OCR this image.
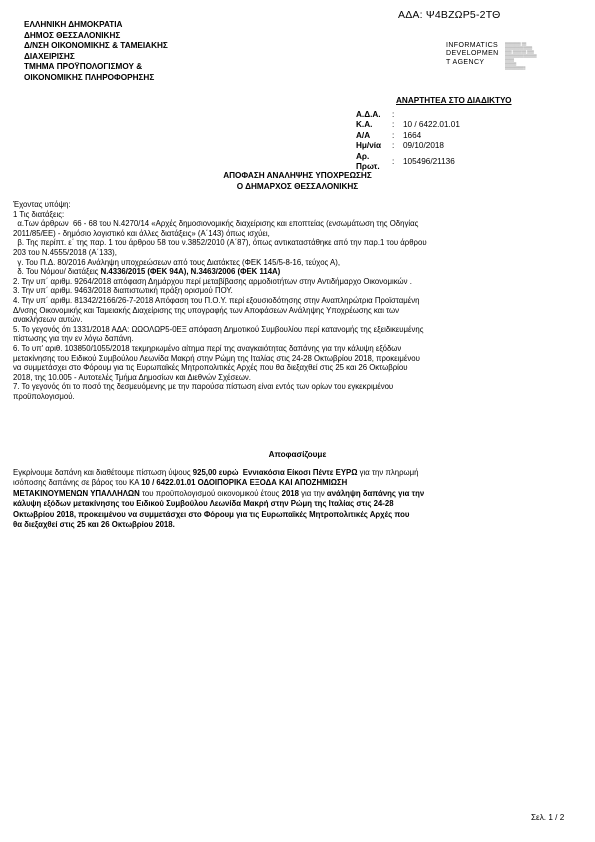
ΑΔΑ: Ψ4ΒΖΩΡ5-2ΤΘ
ΕΛΛΗΝΙΚΗ ΔΗΜΟΚΡΑΤΙΑ
ΔΗΜΟΣ ΘΕΣΣΑΛΟΝΙΚΗΣ
Δ/ΝΣΗ ΟΙΚΟΝΟΜΙΚΗΣ & ΤΑΜΕΙΑΚΗΣ
ΔΙΑΧΕΙΡΙΣΗΣ
ΤΜΗΜΑ ΠΡΟΫΠΟΛΟΓΙΣΜΟΥ &
ΟΙΚΟΝΟΜΙΚΗΣ ΠΛΗΡΟΦΟΡΗΣΗΣ
INFORMATICS
DEVELOPMEN
T AGENCY
▒▒▒▒▒▒▒ ▒▒
▒▒▒▒▒▒▒▒▒▒▒▒
▒▒▒ ▒▒▒▒▒▒ ▒▒▒
▒▒▒▒▒▒▒▒▒▒▒▒▒▒
▒▒▒▒
▒▒▒▒▒
▒▒▒▒▒▒▒▒▒
ΑΝΑΡΤΗΤΕΑ ΣΤΟ ΔΙΑΔΙΚΤΥΟ
Α.Δ.Α.	:	
Κ.Α.	:	10 / 6422.01.01
Α/Α	:	1664
Ημ/νία	:	09/10/2018
Αρ. Πρωτ.	:	105496/21136
ΑΠΟΦΑΣΗ ΑΝΑΛΗΨΗΣ ΥΠΟΧΡΕΩΣΗΣ
Ο ΔΗΜΑΡΧΟΣ ΘΕΣΣΑΛΟΝΙΚΗΣ

Έχοντας υπόψη:

1 Τις διατάξεις:

α.Των άρθρων  66 - 68 του Ν.4270/14 «Αρχές δημοσιονομικής διαχείρισης και εποπτείας (ενσωμάτωση της Οδηγίας

2011/85/ΕΕ) - δημόσιο λογιστικό και άλλες διατάξεις» (Α΄143) όπως ισχύει,

β. Της περίπτ. ε΄ της παρ. 1 του άρθρου 58 του ν.3852/2010 (Α΄87), όπως αντικαταστάθηκε από την παρ.1 του άρθρου

203 του Ν.4555/2018 (Α΄133),

γ. Του Π.Δ. 80/2016 Ανάληψη υποχρεώσεων από τους Διατάκτες (ΦΕΚ 145/5-8-16, τεύχος Α),

δ. Του Νόμου/ διατάξεις Ν.4336/2015 (ΦΕΚ 94Α), Ν.3463/2006 (ΦΕΚ 114Α)

2. Την υπ΄ αριθμ. 9264/2018 απόφαση Δημάρχου περί μεταβίβασης αρμοδιοτήτων στην Αντιδήμαρχο Οικονομικών .

3. Την υπ΄ αριθμ. 9463/2018 διαπιστωτική πράξη ορισμού ΠΟΥ.

4. Την υπ΄ αριθμ. 81342/2166/26-7-2018 Απόφαση του Π.Ο.Υ. περί εξουσιοδότησης στην Αναπληρώτρια Προϊσταμένη

Δ/νσης Οικονομικής και Ταμειακής Διαχείρισης της υπογραφής των Αποφάσεων Ανάληψης Υποχρέωσης και των

ανακλήσεων αυτών.

5. Το γεγονός ότι 1331/2018 ΑΔΑ: ΩΩΟΛΩΡ5-0ΕΞ απόφαση Δημοτικού Συμβουλίου περί κατανομής της εξειδικευμένης

πίστωσης για την εν λόγω δαπάνη.

6. Το υπ' αριθ. 103850/1055/2018 τεκμηριωμένο αίτημα περί της αναγκαιότητας δαπάνης για την κάλυψη εξόδων

μετακίνησης του Ειδικού Συμβούλου Λεωνίδα Μακρή στην Ρώμη της Ιταλίας στις 24-28 Οκτωβρίου 2018, προκειμένου

να συμμετάσχει στο Φόρουμ για τις Ευρωπαϊκές Μητροπολιτικές Αρχές που θα διεξαχθεί στις 25 και 26 Οκτωβρίου

2018, της 10.005 - Αυτοτελές Τμήμα Δημοσίων και Διεθνών Σχέσεων.

7. Το γεγονός ότι το ποσό της δεσμευόμενης με την παρούσα πίστωση είναι εντός των ορίων του εγκεκριμένου

προϋπολογισμού.

Αποφασίζουμε
Εγκρίνουμε δαπάνη και διαθέτουμε πίστωση ύψους 925,00 ευρώ  Εννιακόσια Είκοσι Πέντε ΕΥΡΩ για την πληρωμή
ισόποσης δαπάνης σε βάρος του ΚΑ 10 / 6422.01.01 ΟΔΟΙΠΟΡΙΚΑ ΕΞΟΔΑ ΚΑΙ ΑΠΟΖΗΜΙΩΣΗ
ΜΕΤΑΚΙΝΟΥΜΕΝΩΝ ΥΠΑΛΛΗΛΩΝ του προϋπολογισμού οικονομικού έτους 2018 για την ανάληψη δαπάνης για την
κάλυψη εξόδων μετακίνησης του Ειδικού Συμβούλου Λεωνίδα Μακρή στην Ρώμη της Ιταλίας στις 24-28
Οκτωβρίου 2018, προκειμένου να συμμετάσχει στο Φόρουμ για τις Ευρωπαϊκές Μητροπολιτικές Αρχές που
θα διεξαχθεί στις 25 και 26 Οκτωβρίου 2018.
Σελ. 1 / 2
